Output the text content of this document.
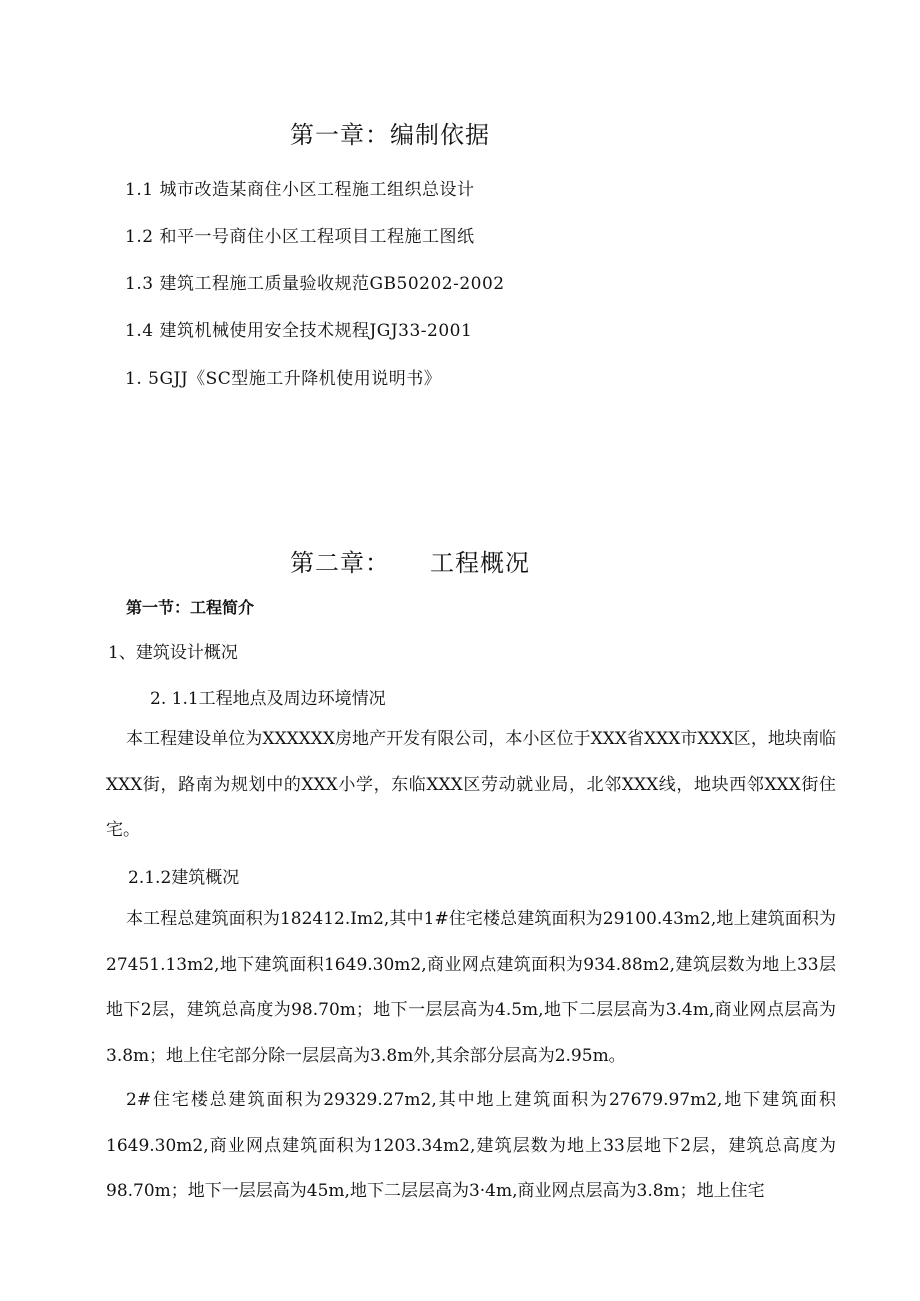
第一章：编制依据
1.1 城市改造某商住小区工程施工组织总设计
1.2 和平一号商住小区工程项目工程施工图纸
1.3 建筑工程施工质量验收规范GB50202-2002
1.4 建筑机械使用安全技术规程JGJ33-2001
1. 5GJJ《SC型施工升降机使用说明书》
第二章： 工程概况
第一节：工程简介
1、建筑设计概况
2. 1.1工程地点及周边环境情况
本工程建设单位为XXXXXX房地产开发有限公司，本小区位于XXX省XXX市XXX区，地块南临XXX街，路南为规划中的XXX小学，东临XXX区劳动就业局，北邻XXX线，地块西邻XXX街住宅。
2.1.2建筑概况
本工程总建筑面积为182412.Im2,其中1#住宅楼总建筑面积为29100.43m2,地上建筑面积为27451.13m2,地下建筑面积1649.30m2,商业网点建筑面积为934.88m2,建筑层数为地上33层地下2层，建筑总高度为98.70m；地下一层层高为4.5m,地下二层层高为3.4m,商业网点层高为3.8m；地上住宅部分除一层层高为3.8m外,其余部分层高为2.95m。
2#住宅楼总建筑面积为29329.27m2,其中地上建筑面积为27679.97m2,地下建筑面积1649.30m2,商业网点建筑面积为1203.34m2,建筑层数为地上33层地下2层，建筑总高度为98.70m；地下一层层高为45m,地下二层层高为3·4m,商业网点层高为3.8m；地上住宅
